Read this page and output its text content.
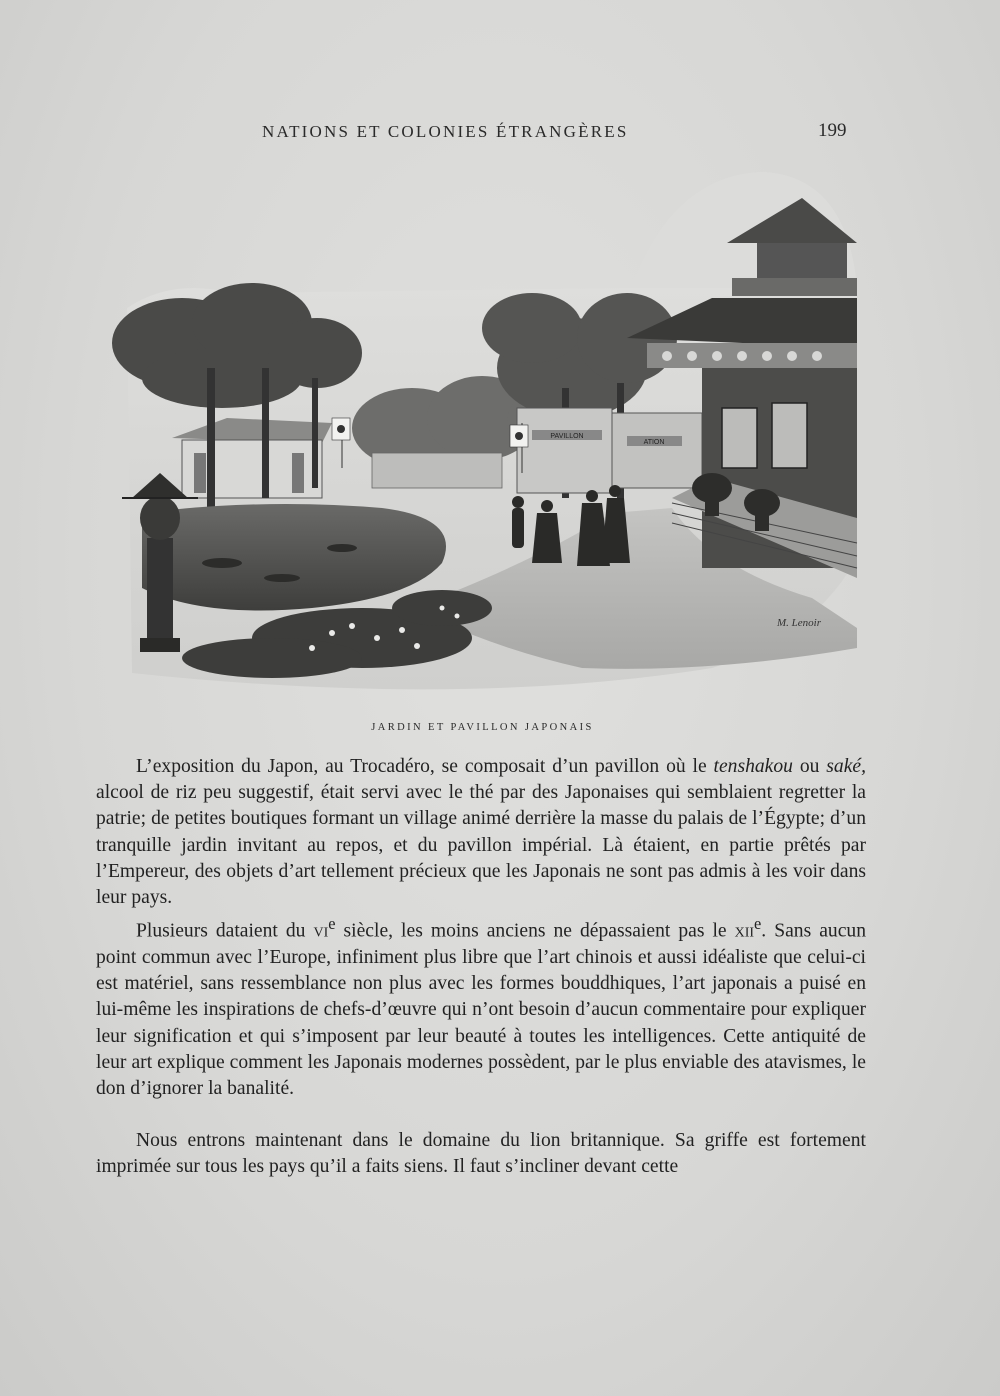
NATIONS ET COLONIES ÉTRANGÈRES	199
PAVILLON
ATION
M. Lenoir
JARDIN ET PAVILLON JAPONAIS

L’exposition du Japon, au Trocadéro, se composait d’un pavillon où le tenshakou ou saké, alcool de riz peu suggestif, était servi avec le thé par des Japonaises qui semblaient regretter la patrie; de petites boutiques formant un village animé derrière la masse du palais de l’Égypte; d’un tranquille jardin invitant au repos, et du pavillon impérial. Là étaient, en partie prêtés par l’Empereur, des objets d’art tellement précieux que les Japonais ne sont pas admis à les voir dans leur pays.

Plusieurs dataient du $vi^e$ siècle, les moins anciens ne dépassaient pas le xii$^e$. Sans aucun point commun avec l’Europe, infiniment plus libre que l’art chinois et aussi idéaliste que celui-ci est matériel, sans ressemblance non plus avec les formes bouddhiques, l’art japonais a puisé en lui-même les inspirations de chefs-d’œuvre qui n’ont besoin d’aucun commentaire pour expliquer leur signification et qui s’imposent par leur beauté à toutes les intelligences. Cette antiquité de leur art explique comment les Japonais modernes possèdent, par le plus enviable des atavismes, le don d’ignorer la banalité.

Nous entrons maintenant dans le domaine du lion britannique. Sa griffe est fortement imprimée sur tous les pays qu’il a faits siens. Il faut s’incliner devant cette
